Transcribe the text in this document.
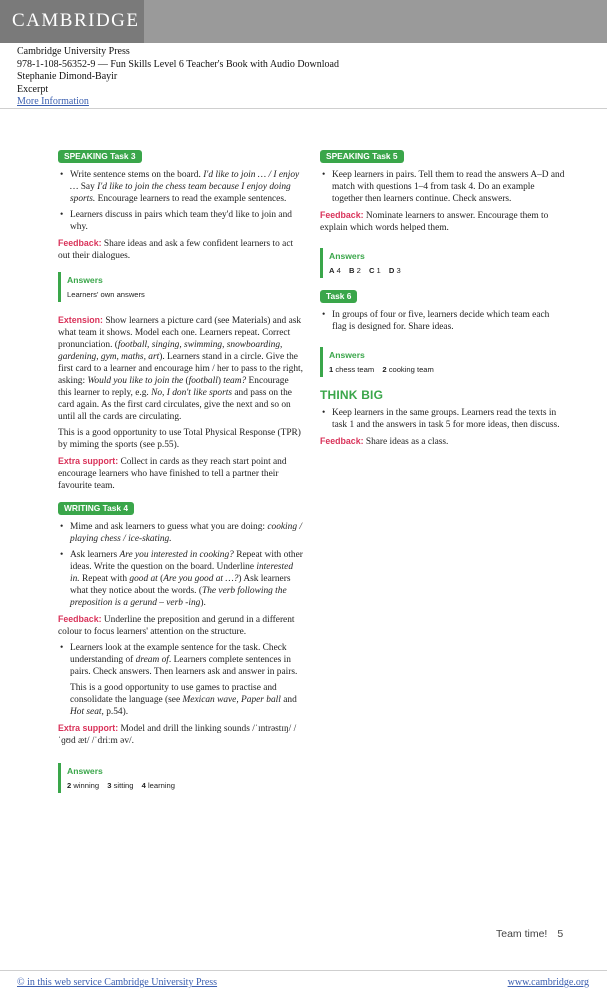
CAMBRIDGE
Cambridge University Press
978-1-108-56352-9 — Fun Skills Level 6 Teacher's Book with Audio Download
Stephanie Dimond-Bayir
Excerpt
More Information
SPEAKING Task 3
• Write sentence stems on the board. I'd like to join … / I enjoy … Say I'd like to join the chess team because I enjoy doing sports. Encourage learners to read the example sentences.
• Learners discuss in pairs which team they'd like to join and why.

Feedback: Share ideas and ask a few confident learners to act out their dialogues.

Answers
Learners' own answers

Extension: Show learners a picture card (see Materials) and ask what team it shows. Model each one. Learners repeat. Correct pronunciation. (football, singing, swimming, snowboarding, gardening, gym, maths, art). Learners stand in a circle. Give the first card to a learner and encourage him / her to pass to the right, asking: Would you like to join the (football) team? Encourage this learner to reply, e.g. No, I don't like sports and pass on the card again. As the first card circulates, give the next and so on until all the cards are circulating.

This is a good opportunity to use Total Physical Response (TPR) by miming the sports (see p.55).

Extra support: Collect in cards as they reach start point and encourage learners who have finished to tell a partner their favourite team.

WRITING Task 4
• Mime and ask learners to guess what you are doing: cooking / playing chess / ice-skating.
• Ask learners Are you interested in cooking? Repeat with other ideas. Write the question on the board. Underline interested in. Repeat with good at (Are you good at …?) Ask learners what they notice about the words. (The verb following the preposition is a gerund – verb -ing).

Feedback: Underline the preposition and gerund in a different colour to focus learners' attention on the structure.

• Learners look at the example sentence for the task. Check understanding of dream of. Learners complete sentences in pairs. Check answers. Then learners ask and answer in pairs.
This is a good opportunity to use games to practise and consolidate the language (see Mexican wave, Paper ball and Hot seat, p.54).

Extra support: Model and drill the linking sounds /ˈɪntrəstɪŋ/ /ˈɡʊd æt/ /ˈdriːm əv/.

Answers
2 winning 3 sitting 4 learning
SPEAKING Task 5
• Keep learners in pairs. Tell them to read the answers A–D and match with questions 1–4 from task 4. Do an example together then learners continue. Check answers.

Feedback: Nominate learners to answer. Encourage them to explain which words helped them.

Answers
A 4 B 2 C 1 D 3
Task 6
• In groups of four or five, learners decide which team each flag is designed for. Share ideas.
Answers
1 chess team 2 cooking team
THINK BIG
• Keep learners in the same groups. Learners read the texts in task 1 and the answers in task 5 for more ideas, then discuss.

Feedback: Share ideas as a class.

Team time! 5
© in this web service Cambridge University Press	www.cambridge.org
